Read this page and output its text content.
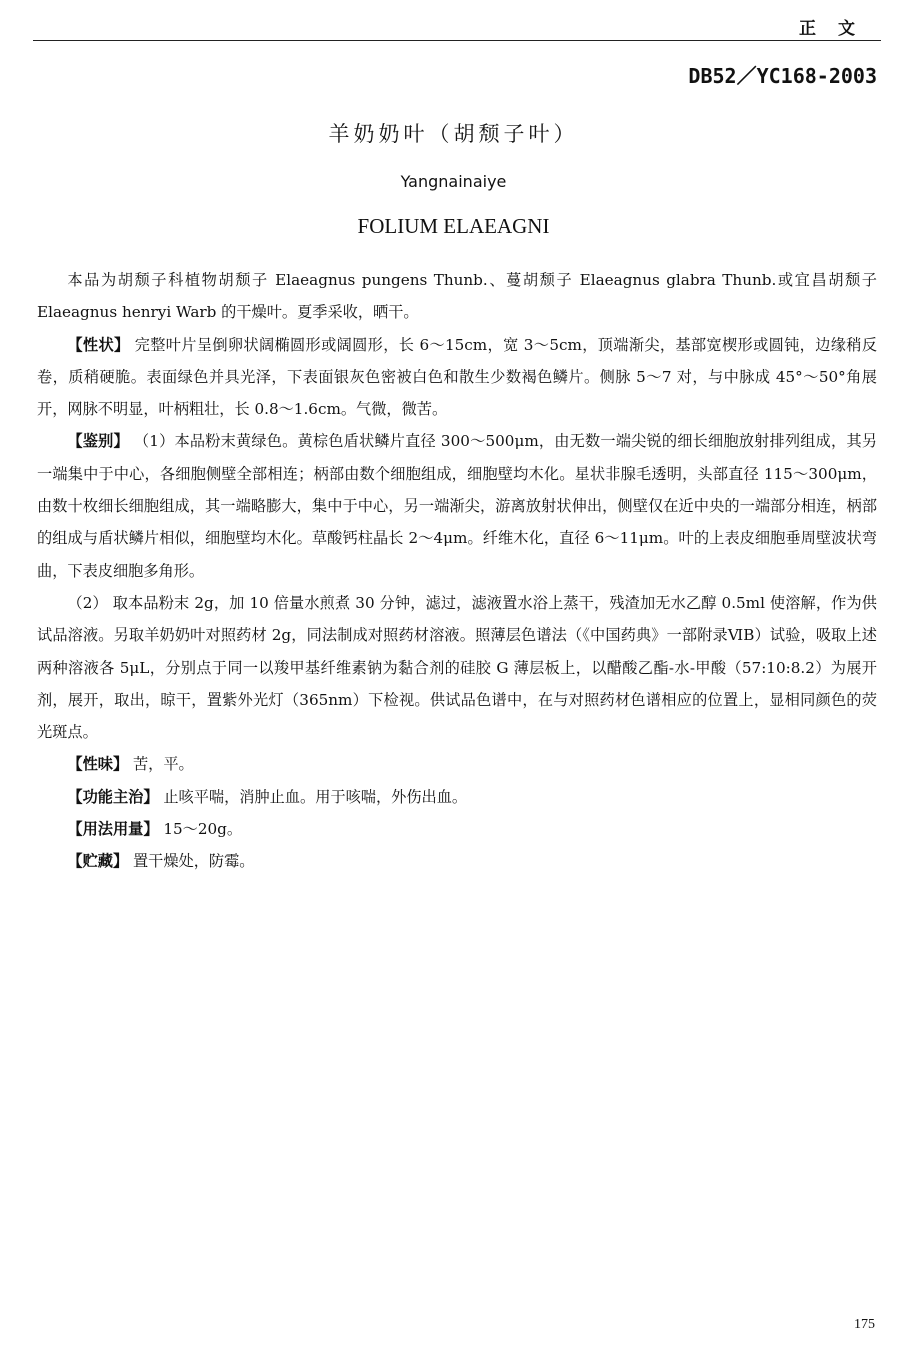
正文
DB52／YC168-2003
羊奶奶叶（胡颓子叶）
Yangnainaiye
FOLIUM ELAEAGNI

本品为胡颓子科植物胡颓子 Elaeagnus pungens Thunb.、蔓胡颓子 Elaeagnus glabra Thunb.或宜昌胡颓子 Elaeagnus henryi Warb 的干燥叶。夏季采收，晒干。

【性状】 完整叶片呈倒卵状阔椭圆形或阔圆形，长 6～15cm，宽 3～5cm，顶端渐尖，基部宽楔形或圆钝，边缘稍反卷，质稍硬脆。表面绿色并具光泽，下表面银灰色密被白色和散生少数褐色鳞片。侧脉 5～7 对，与中脉成 45°～50°角展开，网脉不明显，叶柄粗壮，长 0.8～1.6cm。气微，微苦。

【鉴别】 （1）本品粉末黄绿色。黄棕色盾状鳞片直径 300～500μm，由无数一端尖锐的细长细胞放射排列组成，其另一端集中于中心，各细胞侧壁全部相连；柄部由数个细胞组成，细胞壁均木化。星状非腺毛透明，头部直径 115～300μm，由数十枚细长细胞组成，其一端略膨大，集中于中心，另一端渐尖，游离放射状伸出，侧壁仅在近中央的一端部分相连，柄部的组成与盾状鳞片相似，细胞壁均木化。草酸钙柱晶长 2～4μm。纤维木化，直径 6～11μm。叶的上表皮细胞垂周壁波状弯曲，下表皮细胞多角形。

（2） 取本品粉末 2g，加 10 倍量水煎煮 30 分钟，滤过，滤液置水浴上蒸干，残渣加无水乙醇 0.5ml 使溶解，作为供试品溶液。另取羊奶奶叶对照药材 2g，同法制成对照药材溶液。照薄层色谱法（《中国药典》一部附录ⅥB）试验，吸取上述两种溶液各 5μL，分别点于同一以羧甲基纤维素钠为黏合剂的硅胶 G 薄层板上，以醋酸乙酯-水-甲酸（57:10:8.2）为展开剂，展开，取出，晾干，置紫外光灯（365nm）下检视。供试品色谱中，在与对照药材色谱相应的位置上，显相同颜色的荧光斑点。

【性味】 苦，平。

【功能主治】 止咳平喘，消肿止血。用于咳喘，外伤出血。

【用法用量】 15～20g。

【贮藏】 置干燥处，防霉。

175
